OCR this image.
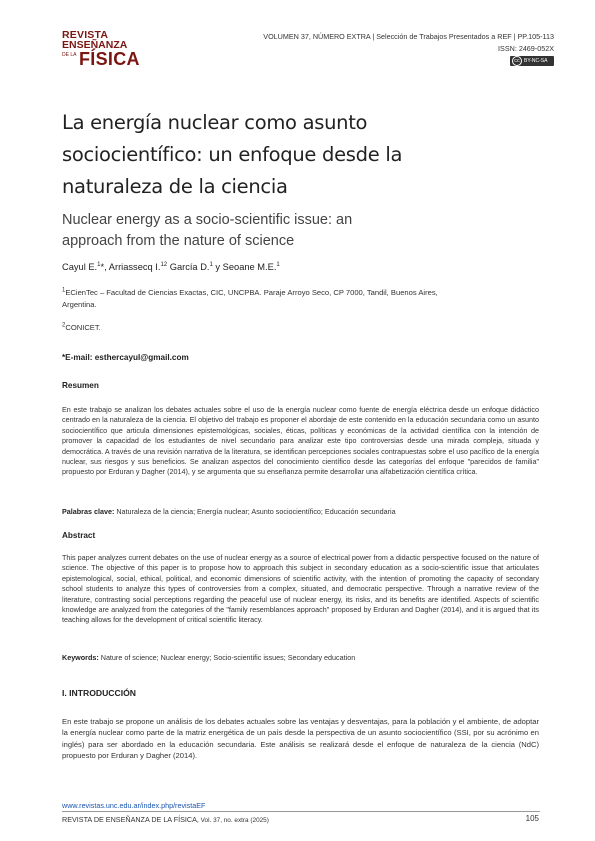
REVISTA
ENSEÑANZA
DE LA FÍSICA
VOLUMEN 37, NÚMERO EXTRA | Selección de Trabajos Presentados a REF | PP.105-113
ISSN: 2469-052X
cc BY-NC-SA
La energía nuclear como asunto
sociocientífico: un enfoque desde la
naturaleza de la ciencia
Nuclear energy as a socio-scientific issue: an
approach from the nature of science
Cayul E.$^1$*, Arriassecq I.$^{12}$ García D.$^1$ y Seoane M.E.$^1$
$^1$ECienTec – Facultad de Ciencias Exactas, CIC, UNCPBA. Paraje Arroyo Seco, CP 7000, Tandil, Buenos Aires,
Argentina.
$^2$CONICET.
*E-mail: esthercayul@gmail.com
Resumen
En este trabajo se analizan los debates actuales sobre el uso de la energía nuclear como fuente de energía eléctrica desde un enfoque didáctico centrado en la naturaleza de la ciencia. El objetivo del trabajo es proponer el abordaje de este contenido en la educación secundaria como un asunto sociocientífico que articula dimensiones epistemológicas, sociales, éticas, políticas y económicas de la actividad científica con la intención de promover la capacidad de los estudiantes de nivel secundario para analizar este tipo controversias desde una mirada compleja, situada y democrática. A través de una revisión narrativa de la literatura, se identifican percepciones sociales contrapuestas sobre el uso pacífico de la energía nuclear, sus riesgos y sus beneficios. Se analizan aspectos del conocimiento científico desde las categorías del enfoque "parecidos de familia" propuesto por Erduran y Dagher (2014), y se argumenta que su enseñanza permite desarrollar una alfabetización científica crítica.
Palabras clave: Naturaleza de la ciencia; Energía nuclear; Asunto sociocientífico; Educación secundaria
Abstract
This paper analyzes current debates on the use of nuclear energy as a source of electrical power from a didactic perspective focused on the nature of science. The objective of this paper is to propose how to approach this subject in secondary education as a socio-scientific issue that articulates epistemological, social, ethical, political, and economic dimensions of scientific activity, with the intention of promoting the capacity of secondary school students to analyze this types of controversies from a complex, situated, and democratic perspective. Through a narrative review of the literature, contrasting social perceptions regarding the peaceful use of nuclear energy, its risks, and its benefits are identified. Aspects of scientific knowledge are analyzed from the categories of the "family resemblances approach" proposed by Erduran and Dagher (2014), and it is argued that its teaching allows for the development of critical scientific literacy.
Keywords: Nature of science; Nuclear energy; Socio-scientific issues; Secondary education
I. INTRODUCCIÓN
En este trabajo se propone un análisis de los debates actuales sobre las ventajas y desventajas, para la población y el ambiente, de adoptar la energía nuclear como parte de la matriz energética de un país desde la perspectiva de un asunto sociocientífico (SSI, por su acrónimo en inglés) para ser abordado en la educación secundaria. Este análisis se realizará desde el enfoque de naturaleza de la ciencia (NdC) propuesto por Erduran y Dagher (2014).
www.revistas.unc.edu.ar/index.php/revistaEF
REVISTA DE ENSEÑANZA DE LA FÍSICA, Vol. 37, no. extra (2025)	105
